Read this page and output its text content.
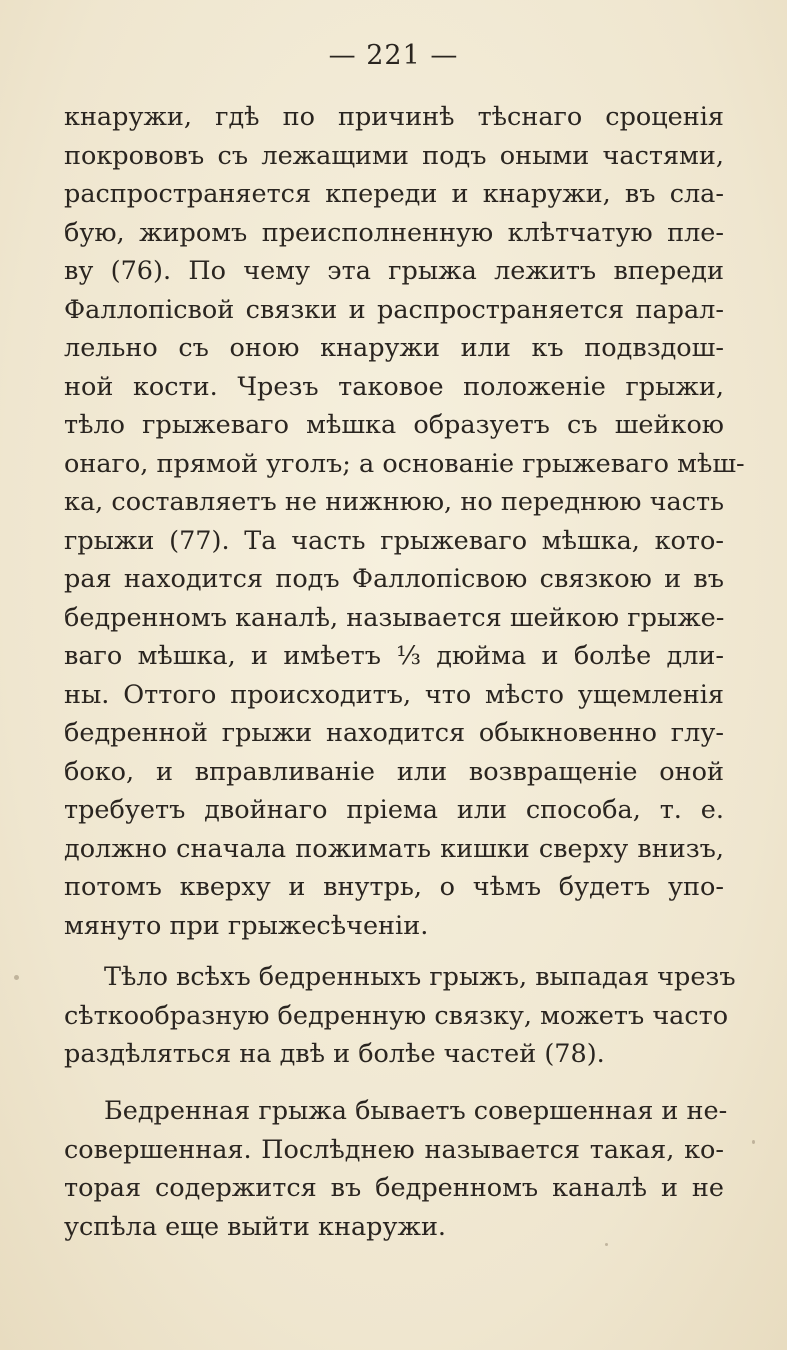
— 221 —
кнаружи, гдѣ по причинѣ тѣснаго сроценія
покрововъ съ лежащими подъ оными частями,
распространяется кпереди и кнаружи, въ сла-
бую, жиромъ преисполненную клѣтчатую пле-
ву (76). По чему эта грыжа лежитъ впереди
Фаллопісвой связки и распространяется парал-
лельно съ оною кнаружи или къ подвздош-
ной кости. Чрезъ таковое положеніе грыжи,
тѣло грыжеваго мѣшка образуетъ съ шейкою
онаго, прямой уголъ; а основаніе грыжеваго мѣш-
ка, составляетъ не нижнюю, но переднюю часть
грыжи (77). Та часть грыжеваго мѣшка, кото-
рая находится подъ Фаллопісвою связкою и въ
бедренномъ каналѣ, называется шейкою грыже-
ваго мѣшка, и имѣетъ ⅓ дюйма и болѣе дли-
ны. Оттого происходитъ, что мѣсто ущемленія
бедренной грыжи находится обыкновенно глу-
боко, и вправливаніе или возвращеніе оной
требуетъ двойнаго пріема или способа, т. е.
должно сначала пожимать кишки сверху внизъ,
потомъ кверху и внутрь, о чѣмъ будетъ упо-
мянуто при грыжесѣченіи.
Тѣло всѣхъ бедренныхъ грыжъ, выпадая чрезъ
сѣткообразную бедренную связку, можетъ часто
раздѣляться на двѣ и болѣе частей (78).
Бедренная грыжа бываетъ совершенная и не-
совершенная. Послѣднею называется такая, ко-
торая содержится въ бедренномъ каналѣ и не
успѣла еще выйти кнаружи.
